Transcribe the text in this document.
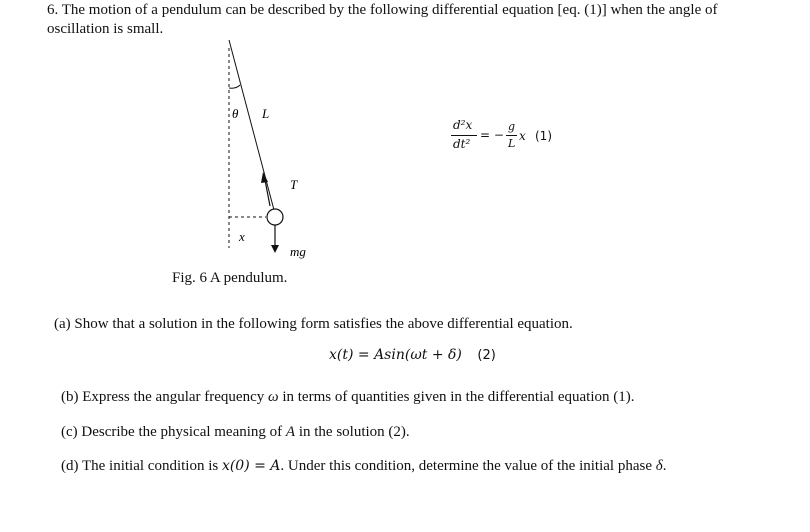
6. The motion of a pendulum can be described by the following differential equation [eq. (1)] when the angle of
oscillation is small.
θ L
T
x
mg
Fig. 6 A pendulum.
d²x
dt²
= −
g
L
x (1)
(a) Show that a solution in the following form satisfies the above differential equation.
x(t) = Asin(ωt + δ) (2)
(b) Express the angular frequency ω in terms of quantities given in the differential equation (1).
(c) Describe the physical meaning of A in the solution (2).
(d) The initial condition is x(0) = A. Under this condition, determine the value of the initial phase δ.
